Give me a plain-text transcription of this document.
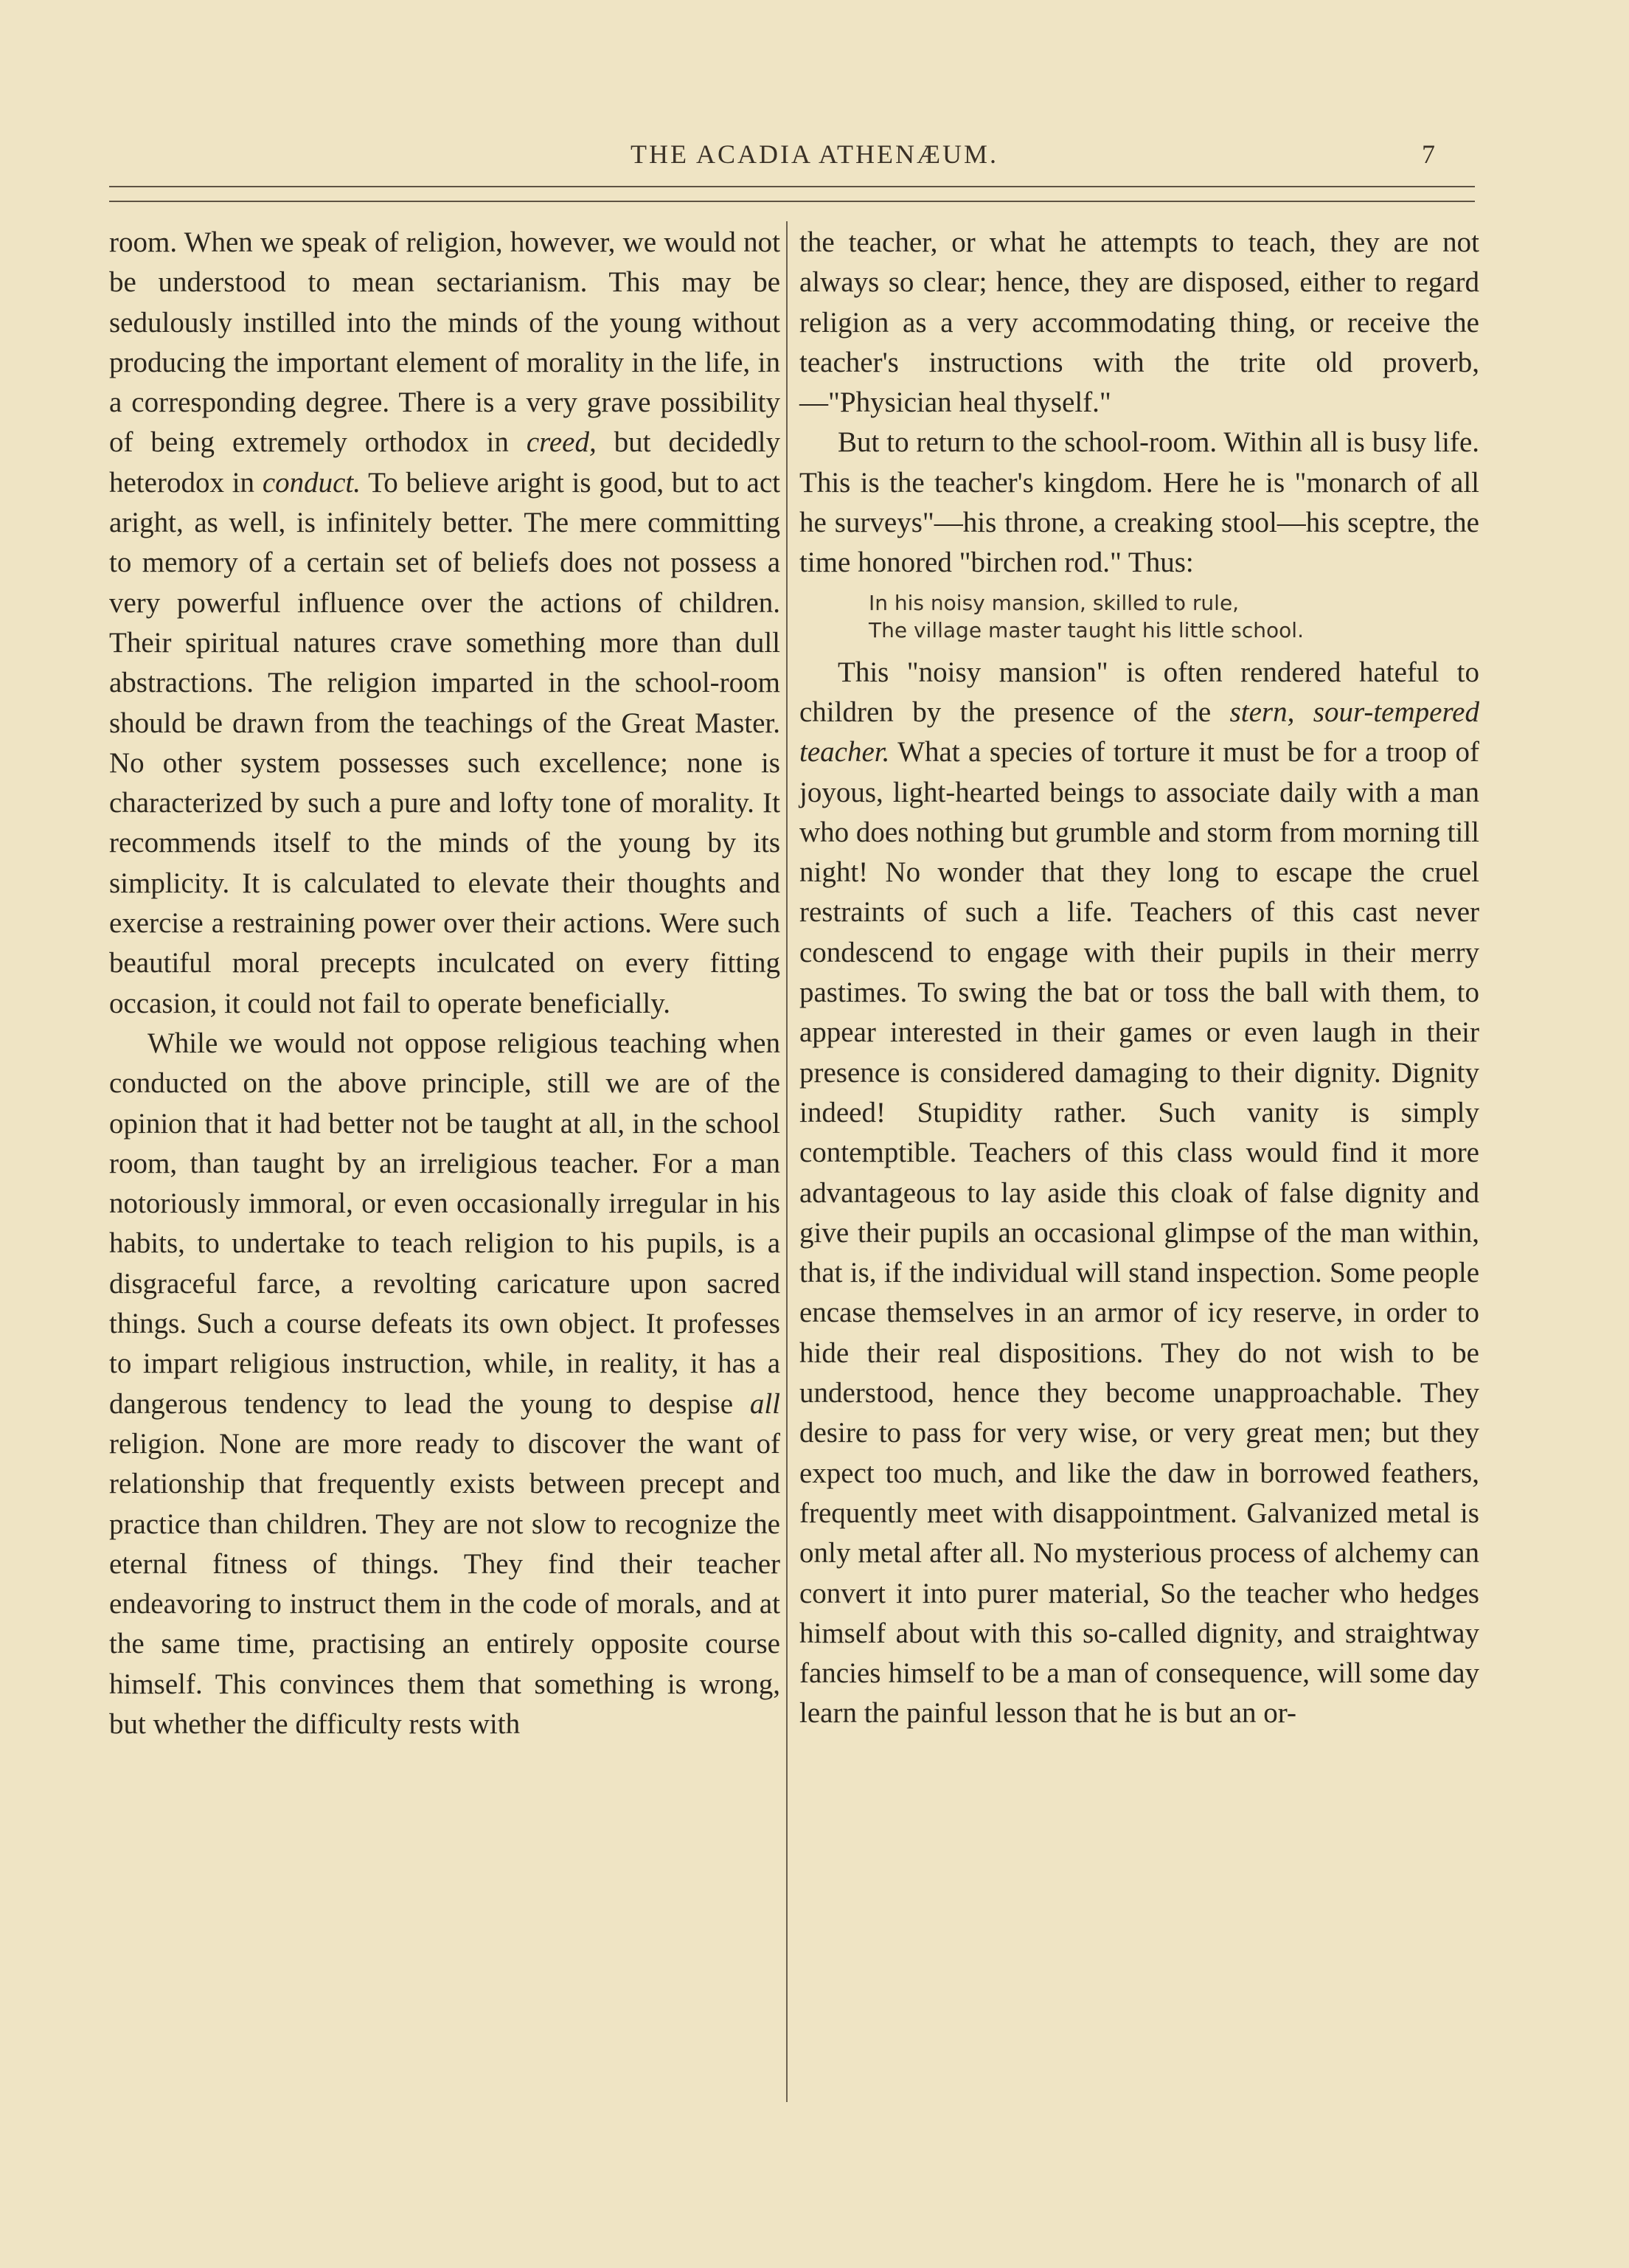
THE ACADIA ATHENÆUM.	7

room. When we speak of religion, however, we would not be understood to mean sectarianism. This may be sedulously instilled into the minds of the young without producing the important element of morality in the life, in a corresponding degree. There is a very grave possibility of being extremely orthodox in creed, but decidedly heterodox in conduct. To believe aright is good, but to act aright, as well, is infinitely better. The mere committing to memory of a certain set of beliefs does not possess a very powerful influence over the actions of children. Their spiritual natures crave something more than dull abstractions. The religion imparted in the school-room should be drawn from the teachings of the Great Master. No other system possesses such excellence; none is characterized by such a pure and lofty tone of morality. It recommends itself to the minds of the young by its simplicity. It is calculated to elevate their thoughts and exercise a restraining power over their actions. Were such beautiful moral precepts inculcated on every fitting occasion, it could not fail to operate beneficially.

While we would not oppose religious teaching when conducted on the above principle, still we are of the opinion that it had better not be taught at all, in the school room, than taught by an irreligious teacher. For a man notoriously immoral, or even occasionally irregular in his habits, to undertake to teach religion to his pupils, is a disgraceful farce, a revolting caricature upon sacred things. Such a course defeats its own object. It professes to impart religious instruction, while, in reality, it has a dangerous tendency to lead the young to despise all religion. None are more ready to discover the want of relationship that frequently exists between precept and practice than children. They are not slow to recognize the eternal fitness of things. They find their teacher endeavoring to instruct them in the code of morals, and at the same time, practising an entirely opposite course himself. This convinces them that something is wrong, but whether the difficulty rests with

the teacher, or what he attempts to teach, they are not always so clear; hence, they are disposed, either to regard religion as a very accommodating thing, or receive the teacher's instructions with the trite old proverb,—"Physician heal thyself."

But to return to the school-room. Within all is busy life. This is the teacher's kingdom. Here he is "monarch of all he surveys"—his throne, a creaking stool—his sceptre, the time honored "birchen rod." Thus:

In his noisy mansion, skilled to rule,
The village master taught his little school.

This "noisy mansion" is often rendered hateful to children by the presence of the stern, sour-tempered teacher. What a species of torture it must be for a troop of joyous, light-hearted beings to associate daily with a man who does nothing but grumble and storm from morning till night! No wonder that they long to escape the cruel restraints of such a life. Teachers of this cast never condescend to engage with their pupils in their merry pastimes. To swing the bat or toss the ball with them, to appear interested in their games or even laugh in their presence is considered damaging to their dignity. Dignity indeed! Stupidity rather. Such vanity is simply contemptible. Teachers of this class would find it more advantageous to lay aside this cloak of false dignity and give their pupils an occasional glimpse of the man within, that is, if the individual will stand inspection. Some people encase themselves in an armor of icy reserve, in order to hide their real dispositions. They do not wish to be understood, hence they become unapproachable. They desire to pass for very wise, or very great men; but they expect too much, and like the daw in borrowed feathers, frequently meet with disappointment. Galvanized metal is only metal after all. No mysterious process of alchemy can convert it into purer material, So the teacher who hedges himself about with this so-called dignity, and straightway fancies himself to be a man of consequence, will some day learn the painful lesson that he is but an or-
